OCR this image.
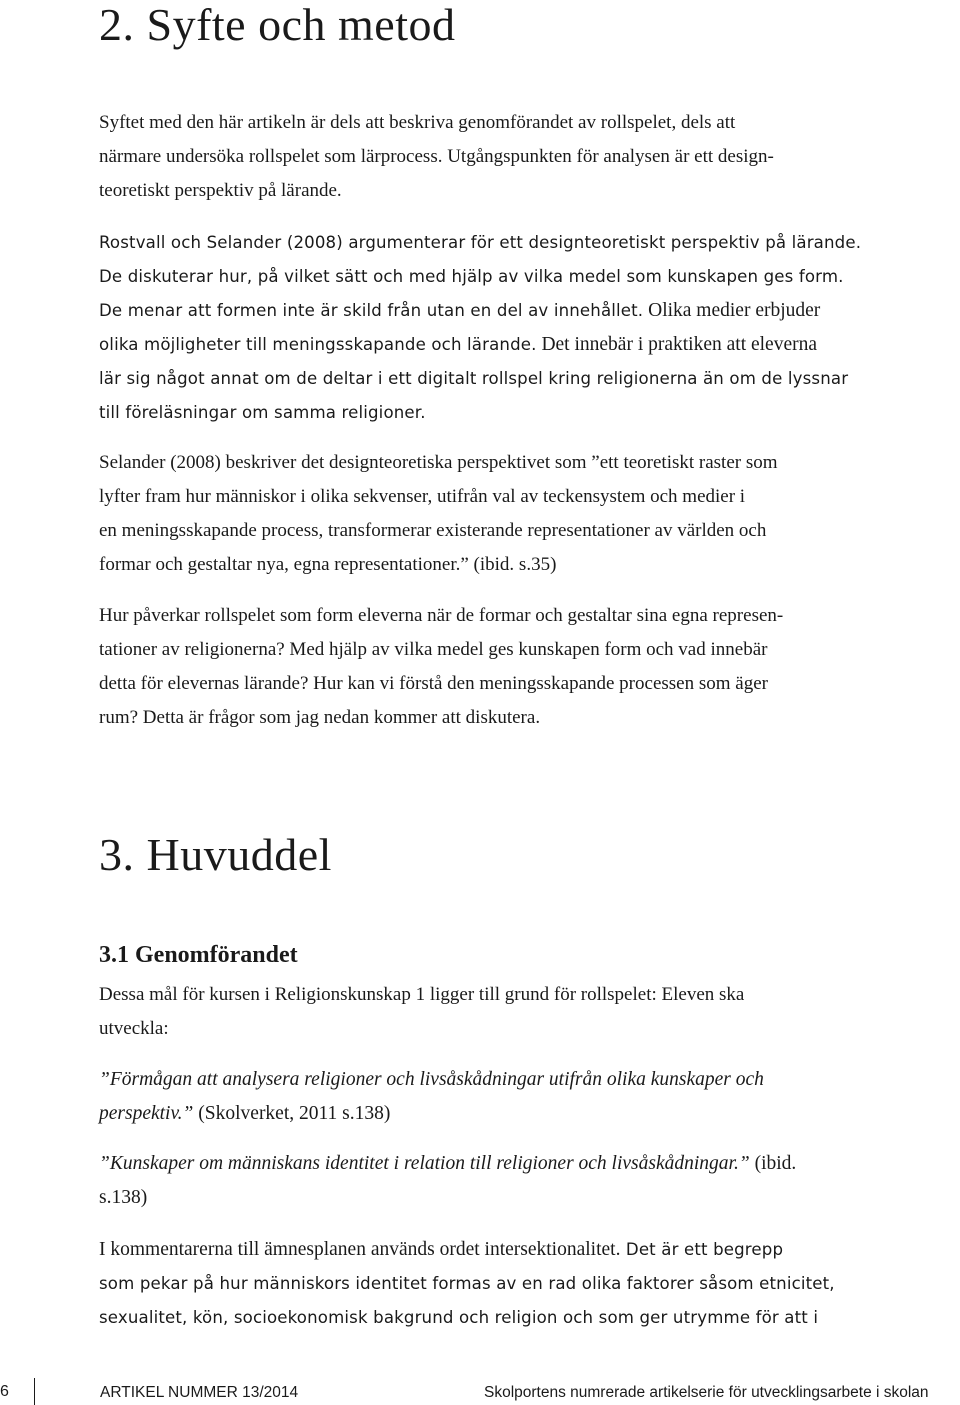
2. Syfte och metod
Syftet med den här artikeln är dels att beskriva genomförandet av rollspelet, dels att
närmare undersöka rollspelet som lärprocess. Utgångspunkten för analysen är ett design-
teoretiskt perspektiv på lärande.
Rostvall och Selander (2008) argumenterar för ett designteoretiskt perspektiv på lärande.
De diskuterar hur, på vilket sätt och med hjälp av vilka medel som kunskapen ges form.
De menar att formen inte är skild från utan en del av innehållet. Olika medier erbjuder
olika möjligheter till meningsskapande och lärande. Det innebär i praktiken att eleverna
lär sig något annat om de deltar i ett digitalt rollspel kring religionerna än om de lyssnar
till föreläsningar om samma religioner.
Selander (2008) beskriver det designteoretiska perspektivet som ”ett teoretiskt raster som
lyfter fram hur människor i olika sekvenser, utifrån val av teckensystem och medier i
en meningsskapande process, transformerar existerande representationer av världen och
formar och gestaltar nya, egna representationer.” (ibid. s.35)
Hur påverkar rollspelet som form eleverna när de formar och gestaltar sina egna represen-
tationer av religionerna? Med hjälp av vilka medel ges kunskapen form och vad innebär
detta för elevernas lärande? Hur kan vi förstå den meningsskapande processen som äger
rum? Detta är frågor som jag nedan kommer att diskutera.
3. Huvuddel
3.1 Genomförandet
Dessa mål för kursen i Religionskunskap 1 ligger till grund för rollspelet: Eleven ska
utveckla:
”Förmågan att analysera religioner och livsåskådningar utifrån olika kunskaper och
perspektiv.” (Skolverket, 2011 s.138)
”Kunskaper om människans identitet i relation till religioner och livsåskådningar.” (ibid.
s.138)
I kommentarerna till ämnesplanen används ordet intersektionalitet. Det är ett begrepp
som pekar på hur människors identitet formas av en rad olika faktorer såsom etnicitet,
sexualitet, kön, socioekonomisk bakgrund och religion och som ger utrymme för att i
6	ARTIKEL NUMMER 13/2014	Skolportens numrerade artikelserie för utvecklingsarbete i skolan
